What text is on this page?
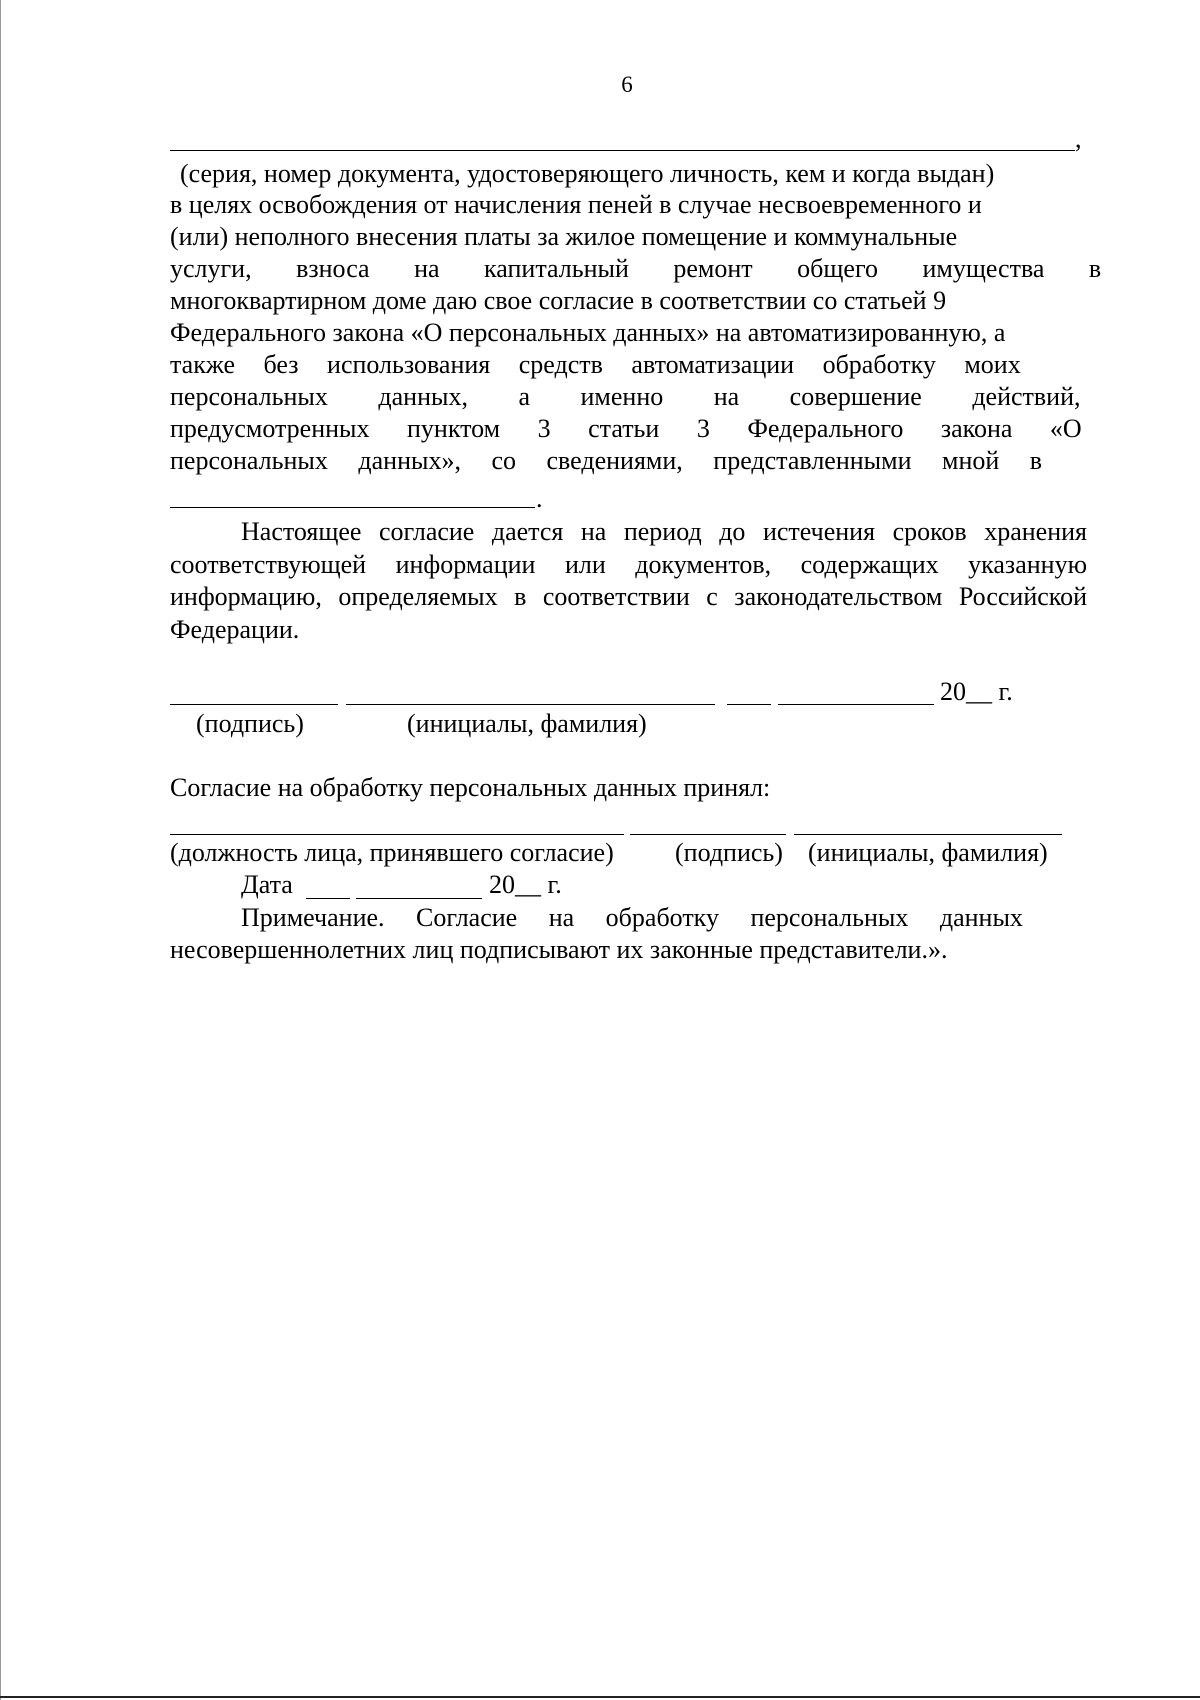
6
,
(серия, номер документа, удостоверяющего личность, кем и когда выдан)
в целях освобождения от начисления пеней в случае несвоевременного и
(или) неполного внесения платы за жилое помещение и коммунальные
услуги, взноса на капитальный ремонт общего имущества в
многоквартирном доме даю свое согласие в соответствии со статьей 9
Федерального закона «О персональных данных» на автоматизированную, а
также без использования средств автоматизации обработку моих
персональных данных, а именно на совершение действий,
предусмотренных пунктом 3 статьи 3 Федерального закона «О
персональных данных», со сведениями, представленными мной в
.

Настоящее согласие дается на период до истечения сроков хранения соответствующей информации или документов, содержащих указанную информацию, определяемых в соответствии с законодательством Российской Федерации.

20__ г.
(подпись)	(инициалы, фамилия)
Согласие на обработку персональных данных принял:
(должность лица, принявшего согласие) (подпись) (инициалы, фамилия)
Дата	20__ г.
Примечание. Согласие на обработку персональных данных
несовершеннолетних лиц подписывают их законные представители.».
